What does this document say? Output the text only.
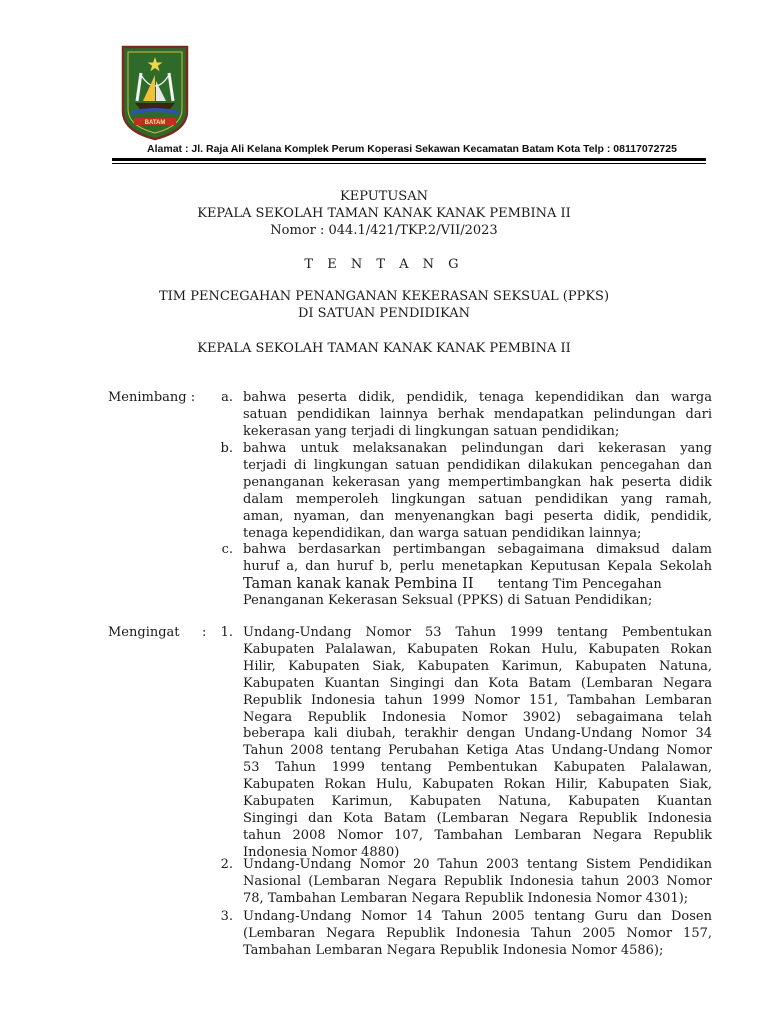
BATAM
Alamat : Jl. Raja Ali Kelana Komplek Perum Koperasi Sekawan Kecamatan Batam Kota Telp : 08117072725
KEPUTUSAN
KEPALA SEKOLAH TAMAN KANAK KANAK PEMBINA II
Nomor : 044.1/421/TKP.2/VII/2023
T E N T A N G
TIM PENCEGAHAN PENANGANAN KEKERASAN SEKSUAL (PPKS)
DI SATUAN PENDIDIKAN
KEPALA SEKOLAH TAMAN KANAK KANAK PEMBINA II
Menimbang :	a. bahwa peserta didik, pendidik, tenaga kependidikan dan warga
satuan pendidikan lainnya berhak mendapatkan pelindungan dari
kekerasan yang terjadi di lingkungan satuan pendidikan;
b. bahwa untuk melaksanakan pelindungan dari kekerasan yang
terjadi di lingkungan satuan pendidikan dilakukan pencegahan dan
penanganan kekerasan yang mempertimbangkan hak peserta didik
dalam memperoleh lingkungan satuan pendidikan yang ramah,
aman, nyaman, dan menyenangkan bagi peserta didik, pendidik,
tenaga kependidikan, dan warga satuan pendidikan lainnya;
c. bahwa berdasarkan pertimbangan sebagaimana dimaksud dalam
huruf a, dan huruf b, perlu menetapkan Keputusan Kepala Sekolah
Taman kanak kanak Pembina II tentang Tim Pencegahan
Penanganan Kekerasan Seksual (PPKS) di Satuan Pendidikan;
Mengingat :	1. Undang-Undang Nomor 53 Tahun 1999 tentang Pembentukan
Kabupaten Palalawan, Kabupaten Rokan Hulu, Kabupaten Rokan
Hilir, Kabupaten Siak, Kabupaten Karimun, Kabupaten Natuna,
Kabupaten Kuantan Singingi dan Kota Batam (Lembaran Negara
Republik Indonesia tahun 1999 Nomor 151, Tambahan Lembaran
Negara Republik Indonesia Nomor 3902) sebagaimana telah
beberapa kali diubah, terakhir dengan Undang-Undang Nomor 34
Tahun 2008 tentang Perubahan Ketiga Atas Undang-Undang Nomor
53 Tahun 1999 tentang Pembentukan Kabupaten Palalawan,
Kabupaten Rokan Hulu, Kabupaten Rokan Hilir, Kabupaten Siak,
Kabupaten Karimun, Kabupaten Natuna, Kabupaten Kuantan
Singingi dan Kota Batam (Lembaran Negara Republik Indonesia
tahun 2008 Nomor 107, Tambahan Lembaran Negara Republik
Indonesia Nomor 4880)
2. Undang-Undang Nomor 20 Tahun 2003 tentang Sistem Pendidikan
Nasional (Lembaran Negara Republik Indonesia tahun 2003 Nomor
78, Tambahan Lembaran Negara Republik Indonesia Nomor 4301);
3. Undang-Undang Nomor 14 Tahun 2005 tentang Guru dan Dosen
(Lembaran Negara Republik Indonesia Tahun 2005 Nomor 157,
Tambahan Lembaran Negara Republik Indonesia Nomor 4586);
